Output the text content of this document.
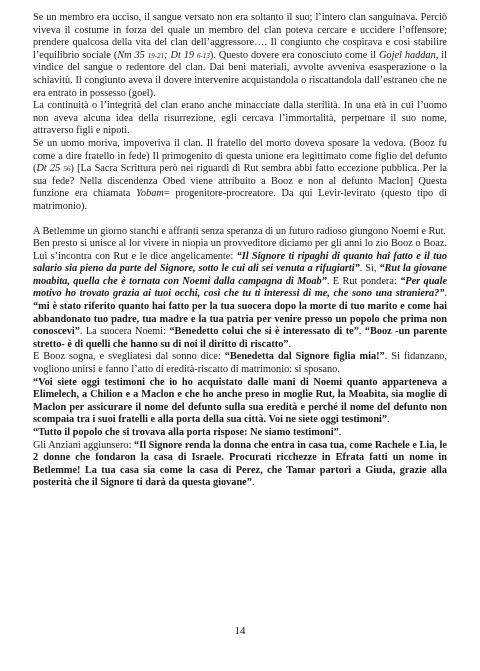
Se un membro era ucciso, il sangue versato non era soltanto il suo; l’intero clan sanguinava. Perciò viveva il costume in forza del quale un membro del clan poteva cercare e uccidere l’offensore; prendere qualcosa della vita del clan dell’aggressore…. Il congiunto che cospirava e così stabilire l’equilibrio sociale (Nm 35 19-21; Dt 19 6-13). Questo dovere era conosciuto come il Gojel haddan, il vindice del sangue o redentore del clan. Dai beni materiali, avvolte avveniva esasperazione o la schiavitù. Il congiunto aveva il dovere intervenire acquistandola o riscattandola dall’estraneo che ne era entrato in possesso (goel).

La continuità o l’integrità del clan erano anche minacciate dalla sterilità. In una età in cui l’uomo non aveva alcuna idea della risurrezione, egli cercava l’immortalità, perpetuare il suo nome, attraverso figli e nipoti.

Se un uomo moriva, impoveriva il clan. Il fratello del morto doveva sposare la vedova. (Booz fu come a dire fratello in fede) Il primogenito di questa unione era legittimato come figlio del defunto (Dt 25 56) [La Sacra Scrittura però nei riguardi di Rut sembra abbi fatto eccezione pubblica. Per la sua fede? Nella discendenza Obed viene attribuito a Booz e non al defunto Maclon] Questa funzione era chiamata Yobam= progenitore-procreatore. Da qui Levir-levirato (questo tipo di matrimonio).

A Betlemme un giorno stanchi e affranti senza speranza di un futuro radioso giungono Noemi e Rut.

Ben presto si unisce al lor vivere in niopia un provveditore diciamo per gli anni lo zio Booz o Boaz. Lui s’incontra con Rut e le dice angelicamente: “Il Signore ti ripaghi di quanto hai fatto e il tuo salario sia pieno da parte del Signore, sotto le cui ali sei venuta a rifugiarti”. Sì, “Rut la giovane moabita, quella che è tornata con Noemi dalla campagna di Moab”. E Rut pondera: “Per quale motivo ho trovato grazia ai tuoi occhi, così che tu ti interessi di me, che sono una straniera?”. “mi è stato riferito quanto hai fatto per la tua suocera dopo la morte di tuo marito e come hai abbandonato tuo padre, tua madre e la tua patria per venire presso un popolo che prima non conoscevi”. La suocera Noemi: “Benedetto colui che si è interessato di te”. “Booz -un parente stretto- è di quelli che hanno su di noi il diritto di riscatto”.

E Booz sogna, e svegliatesi dal sonno dice: “Benedetta dal Signore figlia mia!”. Si fidanzano, vogliono unirsi e fanno l’atto di eredità-riscatto di matrimonio: si sposano.

“Voi siete oggi testimoni che io ho acquistato dalle mani di Noemi quanto apparteneva a Elimelech, a Chilion e a Maclon e che ho anche preso in moglie Rut, la Moabita, sia moglie di Maclon per assicurare il nome del defunto sulla sua eredità e perché il nome del defunto non scompaia tra i suoi fratelli e alla porta della sua città. Voi ne siete oggi testimoni”.

“Tutto il popolo che si trovava alla porta rispose: Ne siamo testimoni”.

Gli Anziani aggiunsero: “Il Signore renda la donna che entra in casa tua, come Rachele e Lia, le 2 donne che fondaron la casa di Israele. Procurati ricchezze in Efrata fatti un nome in Betlemme! La tua casa sia come la casa di Perez, che Tamar partorì a Giuda, grazie alla posterità che il Signore ti darà da questa giovane”.

14
